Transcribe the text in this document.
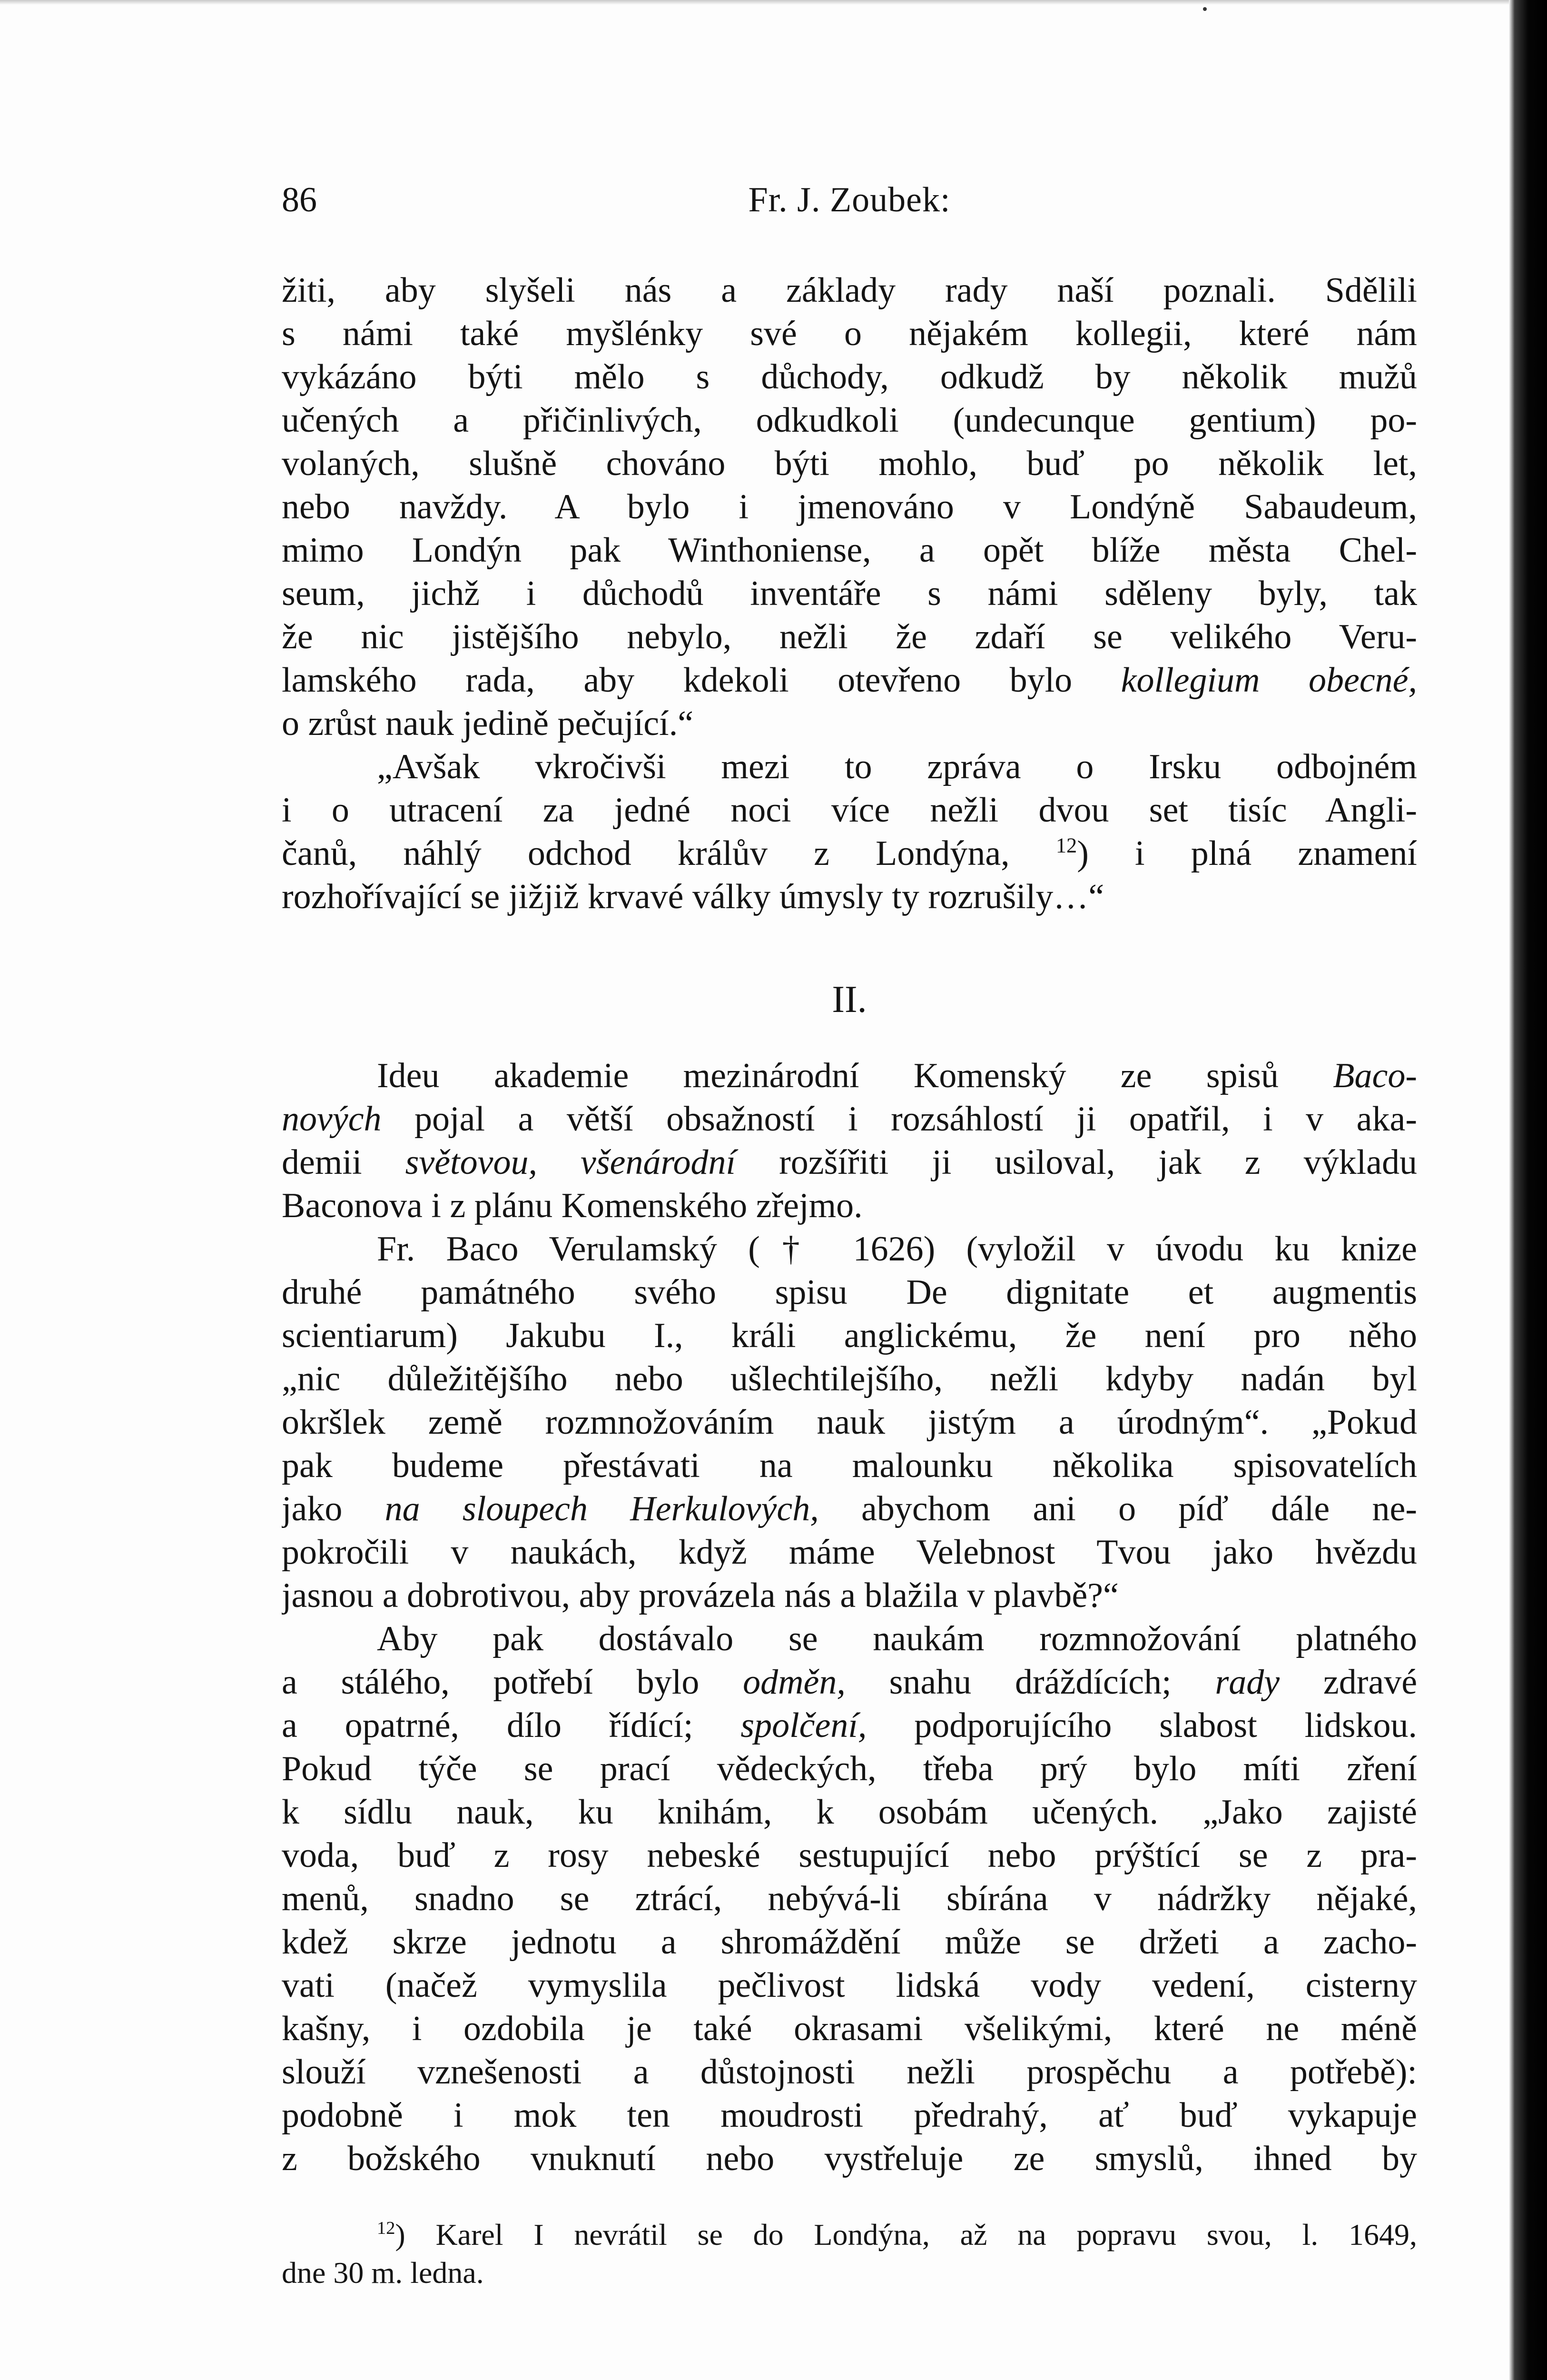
86	Fr. J. Zoubek:
žiti, aby slyšeli nás a základy rady naší poznali. Sdělili
s námi také myšlénky své o nějakém kollegii, které nám
vykázáno býti mělo s důchody, odkudž by několik mužů
učených a přičinlivých, odkudkoli (undecunque gentium) po-
volaných, slušně chováno býti mohlo, buď po několik let,
nebo navždy. A bylo i jmenováno v Londýně Sabaudeum,
mimo Londýn pak Winthoniense, a opět blíže města Chel-
seum, jichž i důchodů inventáře s námi sděleny byly, tak
že nic jistějšího nebylo, nežli že zdaří se velikého Veru-
lamského rada, aby kdekoli otevřeno bylo kollegium obecné,
o zrůst nauk jedině pečující.“
„Avšak vkročivši mezi to zpráva o Irsku odbojném
i o utracení za jedné noci více nežli dvou set tisíc Angli-
čanů, náhlý odchod králův z Londýna, $^{12}$) i plná znamení
rozhořívající se jižjiž krvavé války úmysly ty rozrušily…“
II.
Ideu akademie mezinárodní Komenský ze spisů Baco-
nových pojal a větší obsažností i rozsáhlostí ji opatřil, i v aka-
demii světovou, všenárodní rozšířiti ji usiloval, jak z výkladu
Baconova i z plánu Komenského zřejmo.
Fr. Baco Verulamský († 1626) (vyložil v úvodu ku knize
druhé památného svého spisu De dignitate et augmentis
scientiarum) Jakubu I., králi anglickému, že není pro něho
„nic důležitějšího nebo ušlechtilejšího, nežli kdyby nadán byl
okršlek země rozmnožováním nauk jistým a úrodným“. „Pokud
pak budeme přestávati na malounku několika spisovatelích
jako na sloupech Herkulových, abychom ani o píď dále ne-
pokročili v naukách, když máme Velebnost Tvou jako hvězdu
jasnou a dobrotivou, aby provázela nás a blažila v plavbě?“
Aby pak dostávalo se naukám rozmnožování platného
a stálého, potřebí bylo odměn, snahu dráždících; rady zdravé
a opatrné, dílo řídící; spolčení, podporujícího slabost lidskou.
Pokud týče se prací vědeckých, třeba prý bylo míti zření
k sídlu nauk, ku knihám, k osobám učených. „Jako zajisté
voda, buď z rosy nebeské sestupující nebo prýštící se z pra-
menů, snadno se ztrácí, nebývá-li sbírána v nádržky nějaké,
kdež skrze jednotu a shromáždění může se držeti a zacho-
vati (načež vymyslila pečlivost lidská vody vedení, cisterny
kašny, i ozdobila je také okrasami všelikými, které ne méně
slouží vznešenosti a důstojnosti nežli prospěchu a potřebě):
podobně i mok ten moudrosti předrahý, ať buď vykapuje
z božského vnuknutí nebo vystřeluje ze smyslů, ihned by
$^{12}$) Karel I nevrátil se do Londýna, až na popravu svou, l. 1649,
dne 30 m. ledna.
